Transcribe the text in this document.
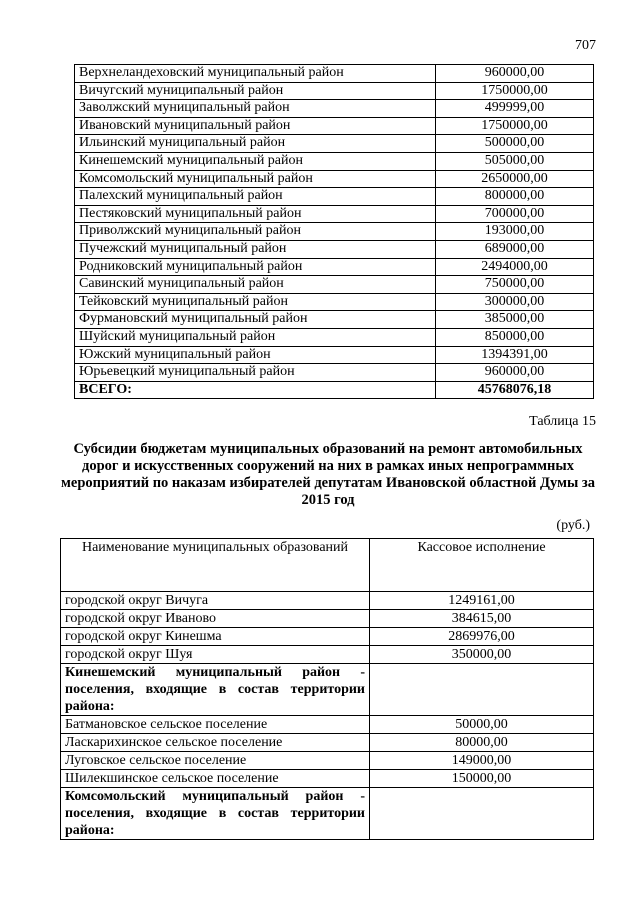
707
Верхнеландеховский муниципальный район	960000,00
Вичугский муниципальный район	1750000,00
Заволжский муниципальный район	499999,00
Ивановский муниципальный район	1750000,00
Ильинский муниципальный район	500000,00
Кинешемский муниципальный район	505000,00
Комсомольский муниципальный район	2650000,00
Палехский муниципальный район	800000,00
Пестяковский муниципальный район	700000,00
Приволжский муниципальный район	193000,00
Пучежский муниципальный район	689000,00
Родниковский муниципальный район	2494000,00
Савинский муниципальный район	750000,00
Тейковский муниципальный район	300000,00
Фурмановский муниципальный район	385000,00
Шуйский муниципальный район	850000,00
Южский муниципальный район	1394391,00
Юрьевецкий муниципальный район	960000,00
ВСЕГО:	45768076,18
Таблица 15
Субсидии бюджетам муниципальных образований на ремонт автомобильных дорог и искусственных сооружений на них в рамках иных непрограммных мероприятий по наказам избирателей депутатам Ивановской областной Думы за 2015 год
(руб.)
Наименование муниципальных образований	Кассовое исполнение
городской округ Вичуга	1249161,00
городской округ Иваново	384615,00
городской округ Кинешма	2869976,00
городской округ Шуя	350000,00
Кинешемский муниципальный район - поселения, входящие в состав территории района:	
Батмановское сельское поселение	50000,00
Ласкарихинское сельское поселение	80000,00
Луговское сельское поселение	149000,00
Шилекшинское сельское поселение	150000,00
Комсомольский муниципальный район - поселения, входящие в состав территории района:	
